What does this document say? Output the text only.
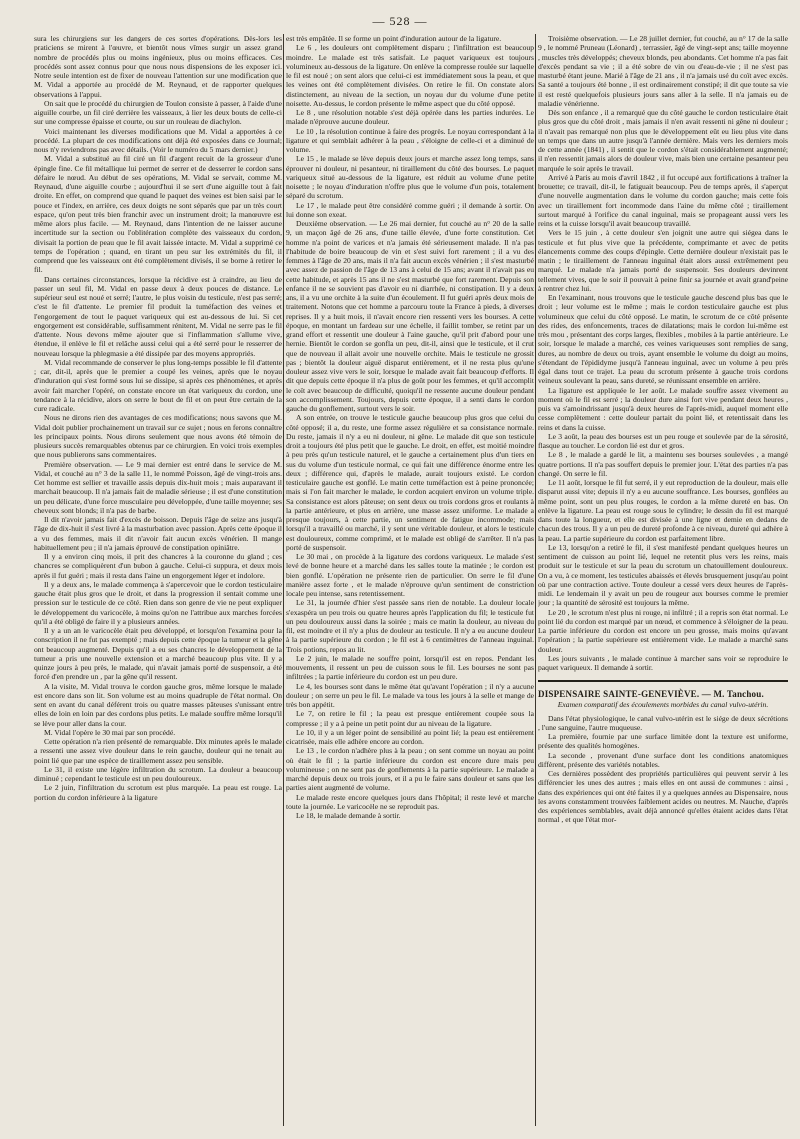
— 528 —

sura les chirurgiens sur les dangers de ces sortes d'opérations. Dès-lors les praticiens se mirent à l'œuvre, et bientôt nous vîmes surgir un assez grand nombre de procédés plus ou moins ingénieux, plus ou moins efficaces. Ces procédés sont assez connus pour que nous nous dispensions de les exposer ici. Notre seule intention est de fixer de nouveau l'attention sur une modification que M. Vidal a apportée au procédé de M. Reynaud, et de rapporter quelques observations à l'appui.

On sait que le procédé du chirurgien de Toulon consiste à passer, à l'aide d'une aiguille courbe, un fil ciré derrière les vaisseaux, à lier les deux bouts de celle-ci sur une compresse épaisse et courte, ou sur un rouleau de diachylon.

Voici maintenant les diverses modifications que M. Vidal a apportées à ce procédé. La plupart de ces modifications ont déjà été exposées dans ce Journal; nous n'y reviendrons pas avec détails. (Voir le numéro du 5 mars dernier.)

M. Vidal a substitué au fil ciré un fil d'argent recuit de la grosseur d'une épingle fine. Ce fil métallique lui permet de serrer et de desserrer le cordon sans défaire le nœud. Au début de ses opérations, M. Vidal se servait, comme M. Reynaud, d'une aiguille courbe ; aujourd'hui il se sert d'une aiguille tout à fait droite. En effet, on comprend que quand le paquet des veines est bien saisi par le pouce et l'index, en arrière, ces deux doigts ne sont séparés que par un très court espace, qu'on peut très bien franchir avec un instrument droit; la manœuvre est même alors plus facile. — M. Reynaud, dans l'intention de ne laisser aucune incertitude sur la section ou l'oblitération complète des vaisseaux du cordon, divisait la portion de peau que le fil avait laissée intacte. M. Vidal a supprimé ce temps de l'opération ; quand, en tirant un peu sur les extrémités du fil, il comprend que les vaisseaux ont été complètement divisés, il se borne à retirer le fil.

Dans certaines circonstances, lorsque la récidive est à craindre, au lieu de passer un seul fil, M. Vidal en passe deux à deux pouces de distance. Le supérieur seul est noué et serré; l'autre, le plus voisin du testicule, n'est pas serré; c'est le fil d'attente. Le premier fil produit la tuméfaction des veines et l'engorgement de tout le paquet variqueux qui est au-dessous de lui. Si cet engorgement est considérable, suffisamment rénitent, M. Vidal ne serre pas le fil d'attente. Nous devons même ajouter que si l'inflammation s'allume vive, étendue, il enlève le fil et relâche aussi celui qui a été serré pour le resserrer de nouveau lorsque la phlegmasie a été dissipée par des moyens appropriés.

M. Vidal recommande de conserver le plus long-temps possible le fil d'attente ; car, dit-il, après que le premier a coupé les veines, après que le noyau d'induration qui s'est formé sous lui se dissipe, si après ces phénomènes, et après avoir fait marcher l'opéré, on constate encore un état variqueux du cordon, une tendance à la récidive, alors on serre le bout de fil et on peut être certain de la cure radicale.

Nous ne dirons rien des avantages de ces modifications; nous savons que M. Vidal doit publier prochainement un travail sur ce sujet ; nous en ferons connaître les principaux points. Nous dirons seulement que nous avons été témoin de plusieurs succès remarquables obtenus par ce chirurgien. En voici trois exemples que nous publierons sans commentaires.

Première observation. — Le 9 mai dernier est entré dans le service de M. Vidal, et couché au n° 3 de la salle 11, le nommé Poisson, âgé de vingt-trois ans. Cet homme est sellier et travaille assis depuis dix-huit mois ; mais auparavant il marchait beaucoup. Il n'a jamais fait de maladie sérieuse ; il est d'une constitution un peu délicate, d'une force musculaire peu développée, d'une taille moyenne; ses cheveux sont blonds; il n'a pas de barbe.

Il dit n'avoir jamais fait d'excès de boisson. Depuis l'âge de seize ans jusqu'à l'âge de dix-huit il s'est livré à la masturbation avec passion. Après cette époque il a vu des femmes, mais il dit n'avoir fait aucun excès vénérien. Il mange habituellement peu ; il n'a jamais éprouvé de constipation opiniâtre.

Il y a environ cinq mois, il prit des chancres à la couronne du gland ; ces chancres se compliquèrent d'un bubon à gauche. Celui-ci suppura, et deux mois après il fut guéri ; mais il resta dans l'aine un engorgement léger et indolore.

Il y a deux ans, le malade commença à s'apercevoir que le cordon testiculaire gauche était plus gros que le droit, et dans la progression il sentait comme une pression sur le testicule de ce côté. Rien dans son genre de vie ne peut expliquer le développement du varicocèle, à moins qu'on ne l'attribue aux marches forcées qu'il a été obligé de faire il y a plusieurs années.

Il y a un an le varicocèle était peu développé, et lorsqu'on l'examina pour la conscription il ne fut pas exempté ; mais depuis cette époque la tumeur et la gêne ont beaucoup augmenté. Depuis qu'il a eu ses chancres le développement de la tumeur a pris une nouvelle extension et a marché beaucoup plus vite. Il y a quinze jours à peu près, le malade, qui n'avait jamais porté de suspensoir, a été forcé d'en prendre un , par la gêne qu'il ressent.

A la visite, M. Vidal trouva le cordon gauche gros, même lorsque le malade est encore dans son lit. Son volume est au moins quadruple de l'état normal. On sent en avant du canal déférent trois ou quatre masses pâteuses s'unissant entre elles de loin en loin par des cordons plus petits. Le malade souffre même lorsqu'il se lève pour aller dans la cour.

M. Vidal l'opère le 30 mai par son procédé.

Cette opération n'a rien présenté de remarquable. Dix minutes après le malade a ressenti une assez vive douleur dans le rein gauche, douleur qui ne tenait au point lié que par une espèce de tiraillement assez peu sensible.

Le 31, il existe une légère infiltration du scrotum. La douleur a beaucoup diminué ; cependant le testicule est un peu douloureux.

Le 2 juin, l'infiltration du scrotum est plus marquée. La peau est rouge. La portion du cordon inférieure à la ligature

est très empâtée. Il se forme un point d'induration autour de la ligature.

Le 6 , les douleurs ont complètement disparu ; l'infiltration est beaucoup moindre. Le malade est très satisfait. Le paquet variqueux est toujours volumineux au-dessous de la ligature. On enlève la compresse roulée sur laquelle le fil est noué ; on sent alors que celui-ci est immédiatement sous la peau, et que les veines ont été complètement divisées. On retire le fil. On constate alors distinctement, au niveau de la section, un noyau dur du volume d'une petite noisette. Au-dessus, le cordon présente le même aspect que du côté opposé.

Le 8 , une résolution notable s'est déjà opérée dans les parties indurées. Le malade n'éprouve aucune douleur.

Le 10 , la résolution continue à faire des progrès. Le noyau correspondant à la ligature et qui semblait adhérer à la peau , s'éloigne de celle-ci et a diminué de volume.

Le 15 , le malade se lève depuis deux jours et marche assez long temps, sans éprouver ni douleur, ni pesanteur, ni tiraillement du côté des bourses. Le paquet variqueux situé au-dessous de la ligature, est réduit au volume d'une petite noisette ; le noyau d'induration n'offre plus que le volume d'un pois, totalement séparé du scrotum.

Le 17 , le malade peut être considéré comme guéri ; il demande à sortir. On lui donne son exeat.

Deuxième observation. — Le 26 mai dernier, fut couché au n° 20 de la salle 9, un maçon âgé de 26 ans, d'une taille élevée, d'une forte constitution. Cet homme n'a point de varices et n'a jamais été sérieusement malade. Il n'a pas l'habitude de boire beaucoup de vin et s'est suivi fort rarement ; il a vu des femmes à l'âge de 20 ans, mais il n'a fait aucun excès vénérien ; il s'est masturbé avec assez de passion de l'âge de 13 ans à celui de 15 ans; avant il n'avait pas eu cette habitude, et après 15 ans il ne s'est masturbé que fort rarement. Depuis son enfance il ne se souvient pas d'avoir eu ni diarrhée, ni constipation. Il y a deux ans, il a vu une orchite à la suite d'un écoulement. Il fut guéri après deux mois de traitement. Notons que cet homme a parcouru toute la France à pieds, à diverses reprises. Il y a huit mois, il n'avait encore rien ressenti vers les bourses. A cette époque, en montant un fardeau sur une échelle, il faillit tomber, se retint par un grand effort et ressentit une douleur à l'aine gauche, qu'il prit d'abord pour une hernie. Bientôt le cordon se gonfla un peu, dit-il, ainsi que le testicule, et il crut que de nouveau il allait avoir une nouvelle orchite. Mais le testicule ne grossit pas ; bientôt la douleur aiguë disparut entièrement, et il ne resta plus qu'une douleur assez vive vers le soir, lorsque le malade avait fait beaucoup d'efforts. Il dit que depuis cette époque il n'a plus de goût pour les femmes, et qu'il accomplit le coït avec beaucoup de difficulté, quoiqu'il ne ressente aucune douleur pendant son accomplissement. Toujours, depuis cette époque, il a senti dans le cordon gauche du gonflement, surtout vers le soir.

A son entrée, on trouve le testicule gauche beaucoup plus gros que celui du côté opposé; il a, du reste, une forme assez régulière et sa consistance normale. Du reste, jamais il n'y a eu ni douleur, ni gêne. Le malade dit que son testicule droit a toujours été plus petit que le gauche. Le droit, en effet, est moitié moindre à peu près qu'un testicule naturel, et le gauche a certainement plus d'un tiers en sus du volume d'un testicule normal, ce qui fait une différence énorme entre les deux ; différence qui, d'après le malade, aurait toujours existé. Le cordon testiculaire gauche est gonflé. Le matin cette tuméfaction est à peine prononcée; mais si l'on fait marcher le malade, le cordon acquiert environ un volume triple. Sa consistance est alors pâteuse; on sent deux ou trois cordons gros et roulants à la partie antérieure, et plus en arrière, une masse assez uniforme. Le malade a presque toujours, à cette partie, un sentiment de fatigue incommode; mais lorsqu'il a travaillé ou marché, il y sent une véritable douleur, et alors le testicule est douloureux, comme comprimé, et le malade est obligé de s'arrêter. Il n'a pas porté de suspensoir.

Le 30 mai , on procède à la ligature des cordons variqueux. Le malade s'est levé de bonne heure et a marché dans les salles toute la matinée ; le cordon est bien gonflé. L'opération ne présente rien de particulier. On serre le fil d'une manière assez forte , et le malade n'éprouve qu'un sentiment de constriction locale peu intense, sans retentissement.

Le 31, la journée d'hier s'est passée sans rien de notable. La douleur locale s'exaspéra un peu trois ou quatre heures après l'application du fil; le testicule fut un peu douloureux aussi dans la soirée ; mais ce matin la douleur, au niveau du fil, est moindre et il n'y a plus de douleur au testicule. Il n'y a eu aucune douleur à la partie supérieure du cordon ; le fil est à 6 centimètres de l'anneau inguinal. Trois potions, repos au lit.

Le 2 juin, le malade ne souffre point, lorsqu'il est en repos. Pendant les mouvements, il ressent un peu de cuisson sous le fil. Les bourses ne sont pas infiltrées ; la partie inférieure du cordon est un peu dure.

Le 4, les bourses sont dans le même état qu'avant l'opération ; il n'y a aucune douleur ; on serre un peu le fil. Le malade va tous les jours à la selle et mange de très bon appétit.

Le 7, on retire le fil ; la peau est presque entièrement coupée sous la compresse ; il y a à peine un petit point dur au niveau de la ligature.

Le 10, il y a un léger point de sensibilité au point lié; la peau est entièrement cicatrisée, mais elle adhère encore au cordon.

Le 13 , le cordon n'adhère plus à la peau ; on sent comme un noyau au point où était le fil ; la partie inférieure du cordon est encore dure mais peu volumineuse ; on ne sent pas de gonflements à la partie supérieure. Le malade a marché depuis deux ou trois jours, et il a pu le faire sans douleur et sans que les parties aient augmenté de volume.

Le malade reste encore quelques jours dans l'hôpital; il reste levé et marche toute la journée. Le varicocèle ne se reproduit pas.

Le 18, le malade demande à sortir.

Troisième observation. — Le 28 juillet dernier, fut couché, au n° 17 de la salle 9 , le nommé Pruneau (Léonard) , terrassier, âgé de vingt-sept ans; taille moyenne , muscles très développés; cheveux blonds, peu abondants. Cet homme n'a pas fait d'excès pendant sa vie ; il a été sobre de vin ou d'eau-de-vie ; il ne s'est pas masturbé étant jeune. Marié à l'âge de 21 ans , il n'a jamais usé du coït avec excès. Sa santé a toujours été bonne , il est ordinairement constipé; il dit que toute sa vie il est resté quelquefois plusieurs jours sans aller à la selle. Il n'a jamais eu de maladie vénérienne.

Dès son enfance , il a remarqué que du côté gauche le cordon testiculaire était plus gros que du côté droit , mais jamais il n'en avait ressenti ni gêne ni douleur ; il n'avait pas remarqué non plus que le développement eût eu lieu plus vite dans un temps que dans un autre jusqu'à l'année dernière. Mais vers les derniers mois de cette année (1841) , il sentit que le cordon s'était considérablement augmenté; il n'en ressentit jamais alors de douleur vive, mais bien une certaine pesanteur peu marquée le soir après le travail.

Arrivé à Paris au mois d'avril 1842 , il fut occupé aux fortifications à traîner la brouette; ce travail, dit-il, le fatiguait beaucoup. Peu de temps après, il s'aperçut d'une nouvelle augmentation dans le volume du cordon gauche; mais cette fois avec un tiraillement fort incommode dans l'aine du même côté ; tiraillement surtout marqué à l'orifice du canal inguinal, mais se propageant aussi vers les reins et la cuisse lorsqu'il avait beaucoup travaillé.

Vers le 15 juin , à cette douleur s'en joignit une autre qui siégea dans le testicule et fut plus vive que la précédente, comprimante et avec de petits élancements comme des coups d'épingle. Cette dernière douleur n'existait pas le matin ; le tiraillement de l'anneau inguinal était alors aussi extrêmement peu marqué. Le malade n'a jamais porté de suspensoir. Ses douleurs devinrent tellement vives, que le soir il pouvait à peine finir sa journée et avait grand'peine à rentrer chez lui.

En l'examinant, nous trouvons que le testicule gauche descend plus bas que le droit ; leur volume est le même ; mais le cordon testiculaire gauche est plus volumineux que celui du côté opposé. Le matin, le scrotum de ce côté présente des rides, des enfoncements, traces de dilatations; mais le cordon lui-même est très mou , présentant des corps larges, flexibles , mobiles à la partie antérieure. Le soir, lorsque le malade a marché, ces veines variqueuses sont remplies de sang, dures, au nombre de deux ou trois, ayant ensemble le volume du doigt au moins, s'étendant de l'épididyme jusqu'à l'anneau inguinal, avec un volume à peu près égal dans tout ce trajet. La peau du scrotum présente à gauche trois cordons veineux soulevant la peau, sans dureté, se réunissant ensemble en arrière.

La ligature est appliquée le 1er août. Le malade souffre assez vivement au moment où le fil est serré ; la douleur dure ainsi fort vive pendant deux heures , puis va s'amoindrissant jusqu'à deux heures de l'après-midi, auquel moment elle cesse complètement : cette douleur partait du point lié, et retentissait dans les reins et dans la cuisse.

Le 3 août, la peau des bourses est un peu rouge et soulevée par de la sérosité, flasque au toucher. Le cordon lié est dur et gros.

Le 8 , le malade a gardé le lit, a maintenu ses bourses soulevées , a mangé quatre portions. Il n'a pas souffert depuis le premier jour. L'état des parties n'a pas changé. On serre le fil.

Le 11 août, lorsque le fil fut serré, il y eut reproduction de la douleur, mais elle disparut aussi vite; depuis il n'y a eu aucune souffrance. Les bourses, gonflées au même point, sont un peu plus rouges, le cordon a la même dureté en bas. On enlève la ligature. La peau est rouge sous le cylindre; le dessin du fil est marqué dans toute la longueur, et elle est divisée à une ligne et demie en dedans de chacun des trous. Il y a un peu de dureté profonde à ce niveau, dureté qui adhère à la peau. La partie supérieure du cordon est parfaitement libre.

Le 13, lorsqu'on a retiré le fil, il s'est manifesté pendant quelques heures un sentiment de cuisson au point lié, lequel ne retentit plus vers les reins, mais produit sur le testicule et sur la peau du scrotum un chatouillement douloureux. On a vu, à ce moment, les testicules abaissés et élevés brusquement jusqu'au point où par une contraction active. Toute douleur a cessé vers deux heures de l'après-midi. Le lendemain il y avait un peu de rougeur aux bourses comme le premier jour ; la quantité de sérosité est toujours la même.

Le 20 , le scrotum n'est plus ni rouge, ni infiltré ; il a repris son état normal. Le point lié du cordon est marqué par un nœud, et commence à s'éloigner de la peau. La partie inférieure du cordon est encore un peu grosse, mais moins qu'avant l'opération ; la partie supérieure est entièrement vide. Le malade a marché sans douleur.

Les jours suivants , le malade continue à marcher sans voir se reproduire le paquet variqueux. Il demande à sortir.

DISPENSAIRE SAINTE-GENEVIÈVE. — M. Tanchou.

Examen comparatif des écoulements morbides du canal vulvo-utérin.

Dans l'état physiologique, le canal vulvo-utérin est le siége de deux sécrétions , l'une sanguine, l'autre muqueuse.

La première, fournie par une surface limitée dont la texture est uniforme, présente des qualités homogènes.

La seconde , provenant d'une surface dont les conditions anatomiques diffèrent, présente des variétés notables.

Ces dernières possèdent des propriétés particulières qui peuvent servir à les différencier les unes des autres ; mais elles en ont aussi de communes : ainsi , dans des expériences qui ont été faites il y a quelques années au Dispensaire, nous les avons constamment trouvées faiblement acides ou neutres. M. Nauche, d'après des expériences semblables, avait déjà annoncé qu'elles étaient acides dans l'état normal , et que l'état mor-
